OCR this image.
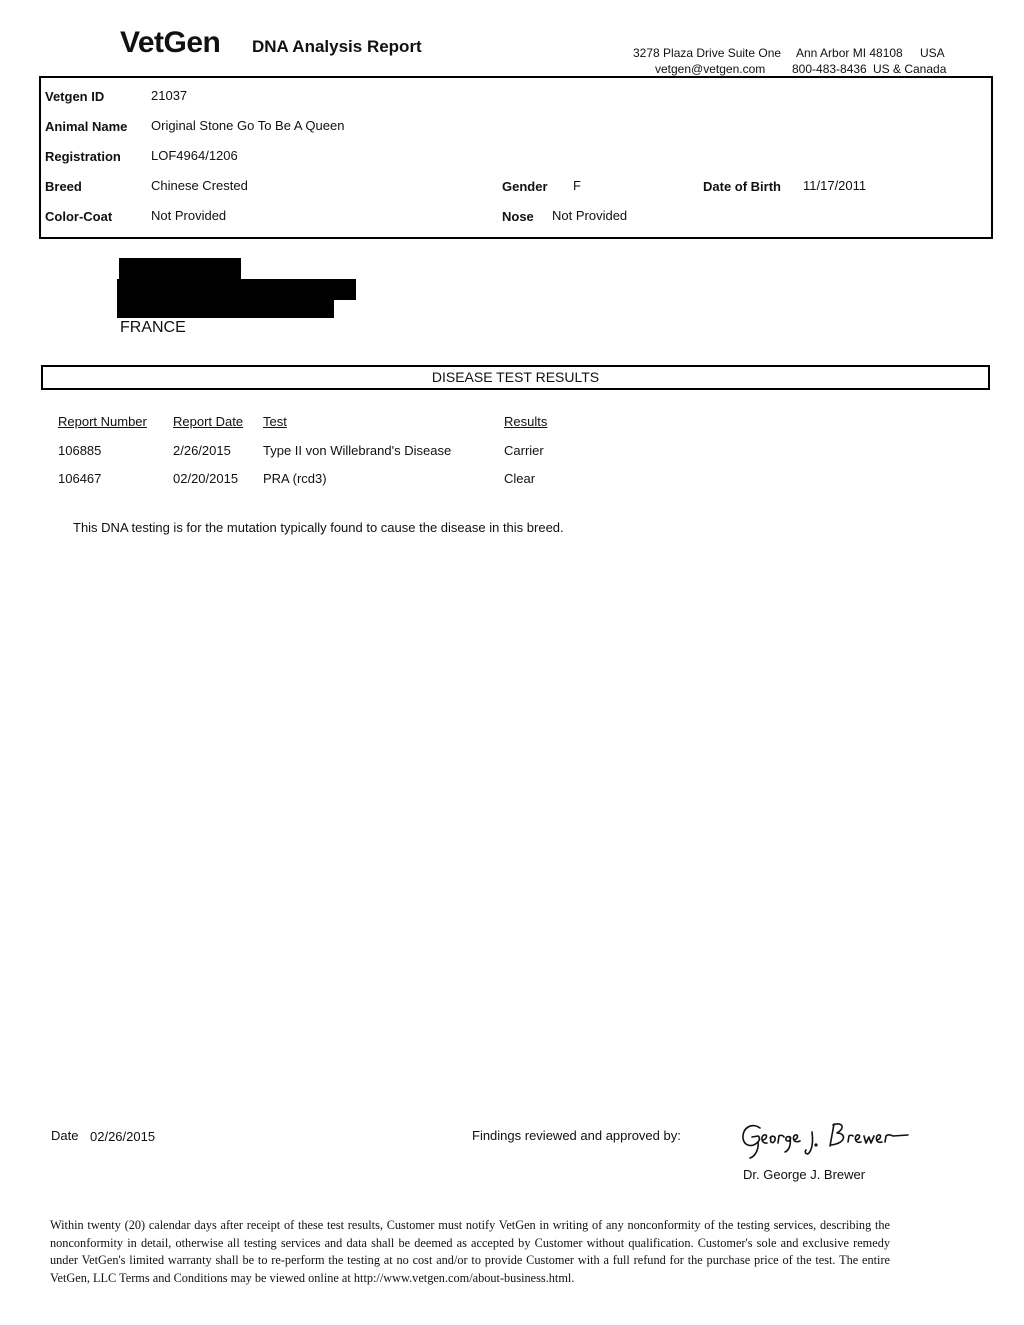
VetGen DNA Analysis Report	3278 Plaza Drive Suite One Ann Arbor MI 48108 USA
vetgen@vetgen.com 800-483-8436 US & Canada
Vetgen ID	21037
Animal Name Original Stone Go To Be A Queen
Registration LOF4964/1206
Breed	Chinese Crested
Color-Coat	Not Provided
Gender F
Nose Not Provided
Date of Birth 11/17/2011
FRANCE
DISEASE TEST RESULTS
Report Number Report Date Test	Results
106885	2/26/2015 Type II von Willebrand's Disease	Carrier
106467	02/20/2015 PRA (rcd3)	Clear
This DNA testing is for the mutation typically found to cause the disease in this breed.
Date 02/26/2015	Findings reviewed and approved by:
Dr. George J. Brewer
Within twenty (20) calendar days after receipt of these test results, Customer must notify VetGen in writing of any nonconformity of the testing services, describing the nonconformity in detail, otherwise all testing services and data shall be deemed as accepted by Customer without qualification. Customer's sole and exclusive remedy under VetGen's limited warranty shall be to re-perform the testing at no cost and/or to provide Customer with a full refund for the purchase price of the test. The entire VetGen, LLC Terms and Conditions may be viewed online at http://www.vetgen.com/about-business.html.
